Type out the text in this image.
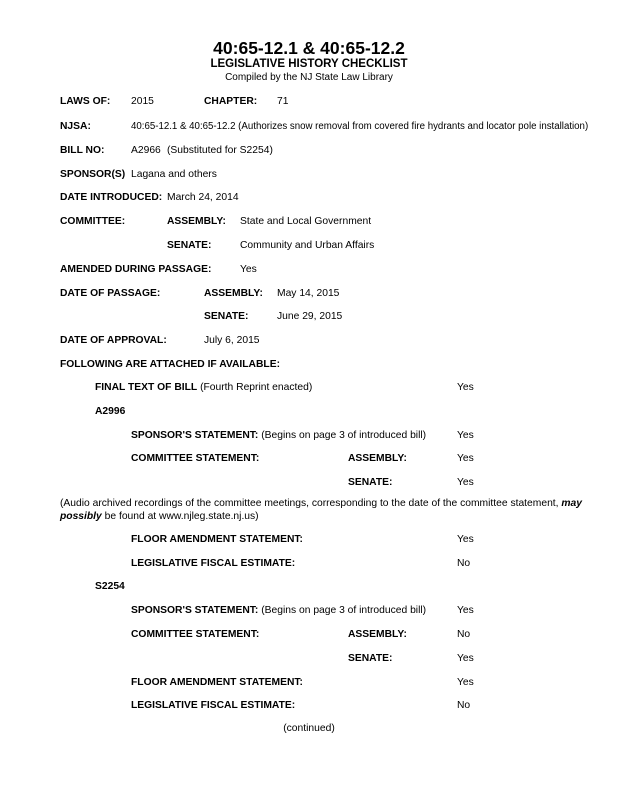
40:65-12.1 & 40:65-12.2
LEGISLATIVE HISTORY CHECKLIST
Compiled by the NJ State Law Library
LAWS OF: 2015	CHAPTER: 71
NJSA:	40:65-12.1 & 40:65-12.2 (Authorizes snow removal from covered fire hydrants and locator pole installation)
BILL NO:	A2966 (Substituted for S2254)
SPONSOR(S) Lagana and others
DATE INTRODUCED: March 24, 2014
COMMITTEE:	ASSEMBLY: State and Local Government
SENATE:	Community and Urban Affairs
AMENDED DURING PASSAGE:	Yes
DATE OF PASSAGE:	ASSEMBLY: May 14, 2015
SENATE:	June 29, 2015
DATE OF APPROVAL:	July 6, 2015
FOLLOWING ARE ATTACHED IF AVAILABLE:
FINAL TEXT OF BILL (Fourth Reprint enacted)	Yes
A2996
SPONSOR'S STATEMENT: (Begins on page 3 of introduced bill)	Yes
COMMITTEE STATEMENT:	ASSEMBLY:	Yes
SENATE:	Yes
(Audio archived recordings of the committee meetings, corresponding to the date of the committee statement, may possibly be found at www.njleg.state.nj.us)
FLOOR AMENDMENT STATEMENT:	Yes
LEGISLATIVE FISCAL ESTIMATE:	No
S2254
SPONSOR'S STATEMENT: (Begins on page 3 of introduced bill)	Yes
COMMITTEE STATEMENT:	ASSEMBLY:	No
SENATE:	Yes
FLOOR AMENDMENT STATEMENT:	Yes
LEGISLATIVE FISCAL ESTIMATE:	No
(continued)
